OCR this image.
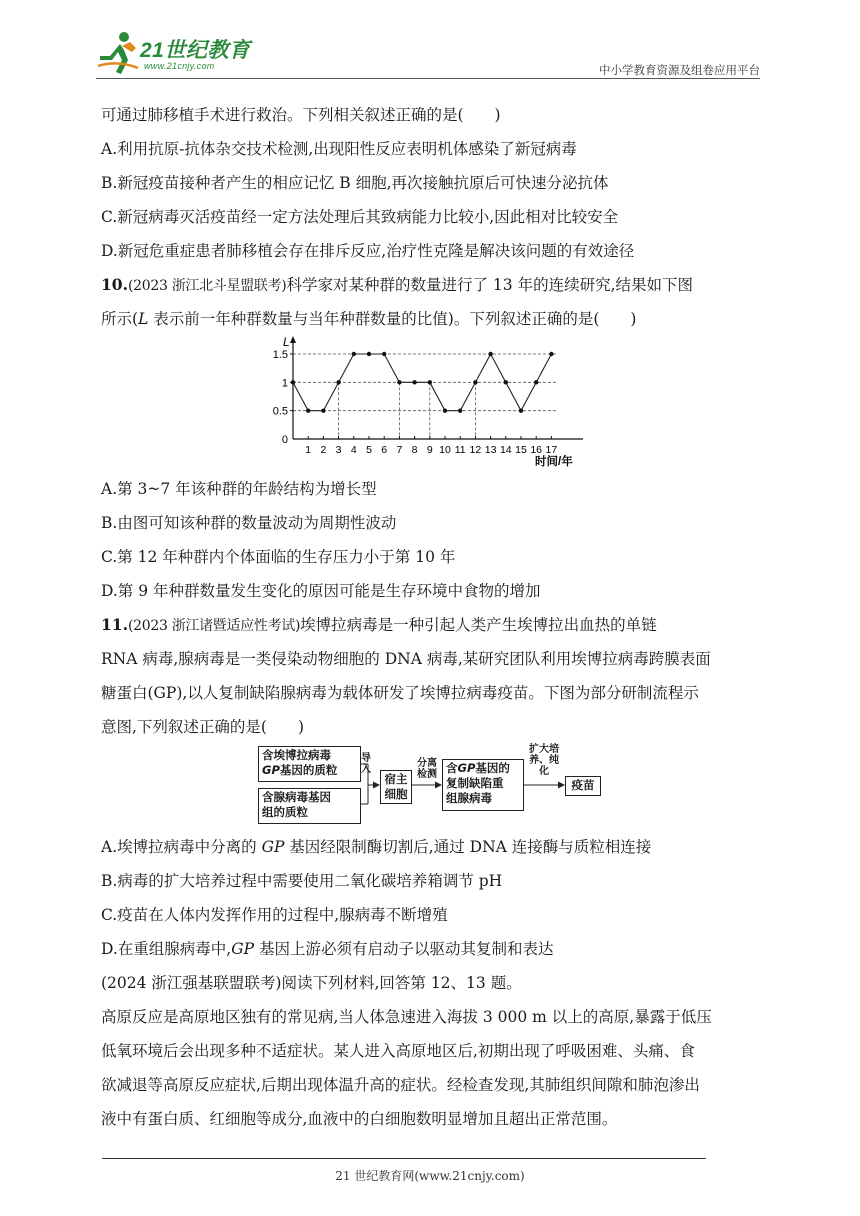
21世纪教育
www.21cnjy.com	中小学教育资源及组卷应用平台
可通过肺移植手术进行救治。下列相关叙述正确的是(　　)
A.利用抗原-抗体杂交技术检测,出现阳性反应表明机体感染了新冠病毒
B.新冠疫苗接种者产生的相应记忆 B 细胞,再次接触抗原后可快速分泌抗体
C.新冠病毒灭活疫苗经一定方法处理后其致病能力比较小,因此相对比较安全
D.新冠危重症患者肺移植会存在排斥反应,治疗性克隆是解决该问题的有效途径
10.(2023 浙江北斗星盟联考)科学家对某种群的数量进行了 13 年的连续研究,结果如下图
所示(L 表示前一年种群数量与当年种群数量的比值)。下列叙述正确的是(　　)
L
0
0.5
1
1.5
1 2 3 4 5 6 7 8 9 10 11 12 13 14 15 16 17
时间/年
A.第 3~7 年该种群的年龄结构为增长型
B.由图可知该种群的数量波动为周期性波动
C.第 12 年种群内个体面临的生存压力小于第 10 年
D.第 9 年种群数量发生变化的原因可能是生存环境中食物的增加
11.(2023 浙江诸暨适应性考试)埃博拉病毒是一种引起人类产生埃博拉出血热的单链
RNA 病毒,腺病毒是一类侵染动物细胞的 DNA 病毒,某研究团队利用埃博拉病毒跨膜表面
糖蛋白(GP),以人复制缺陷腺病毒为载体研发了埃博拉病毒疫苗。下图为部分研制流程示
意图,下列叙述正确的是(　　)
含埃博拉病毒
GP基因的质粒
含腺病毒基因
组的质粒
导入
宿主
细胞
分离
检测 含GP基因的
复制缺陷重
组腺病毒
扩大培
养、纯
化
疫苗
A.埃博拉病毒中分离的 GP 基因经限制酶切割后,通过 DNA 连接酶与质粒相连接
B.病毒的扩大培养过程中需要使用二氧化碳培养箱调节 pH
C.疫苗在人体内发挥作用的过程中,腺病毒不断增殖
D.在重组腺病毒中,GP 基因上游必须有启动子以驱动其复制和表达
(2024 浙江强基联盟联考)阅读下列材料,回答第 12、13 题。
高原反应是高原地区独有的常见病,当人体急速进入海拔 3 000 m 以上的高原,暴露于低压
低氧环境后会出现多种不适症状。某人进入高原地区后,初期出现了呼吸困难、头痛、食
欲减退等高原反应症状,后期出现体温升高的症状。经检查发现,其肺组织间隙和肺泡渗出
液中有蛋白质、红细胞等成分,血液中的白细胞数明显增加且超出正常范围。
21 世纪教育网(www.21cnjy.com)
